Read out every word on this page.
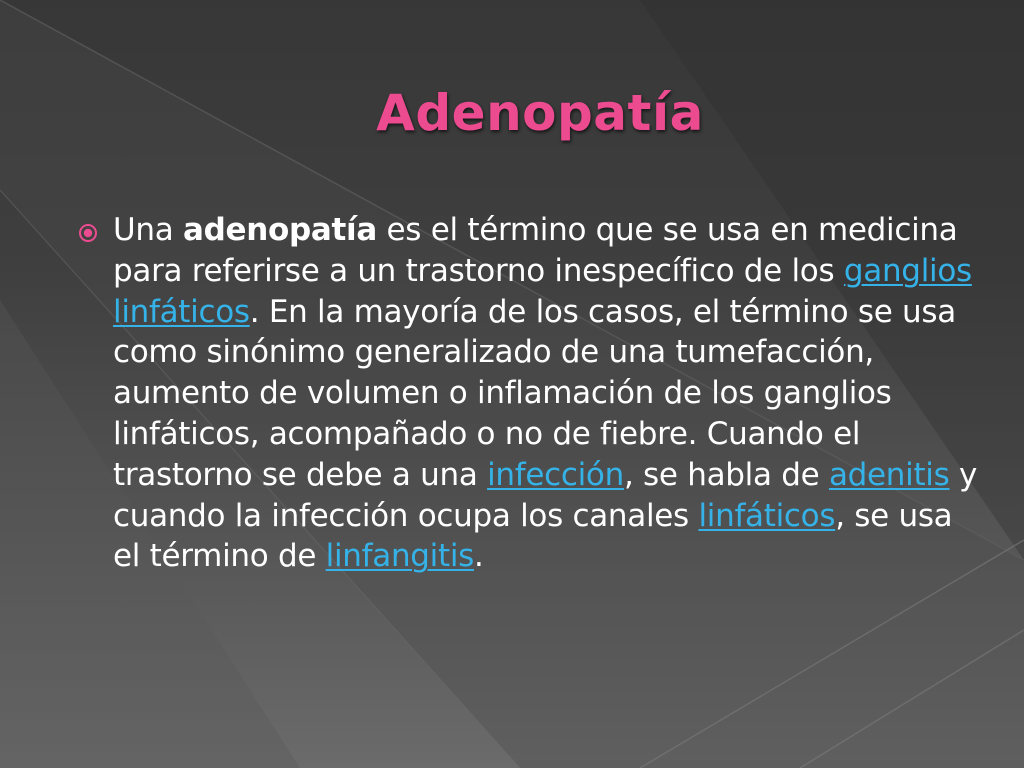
Adenopatía

Una adenopatía es el término que se usa en medicina para referirse a un trastorno inespecífico de los ganglios linfáticos. En la mayoría de los casos, el término se usa como sinónimo generalizado de una tumefacción, aumento de volumen o inflamación de los ganglios linfáticos, acompañado o no de fiebre. Cuando el trastorno se debe a una infección, se habla de adenitis y cuando la infección ocupa los canales linfáticos, se usa el término de linfangitis.
